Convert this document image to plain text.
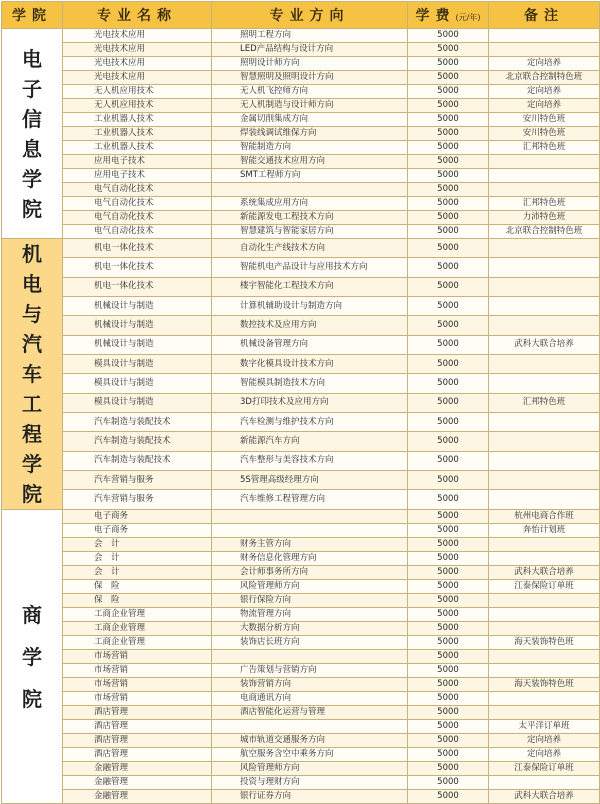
学院	专业名称	专业方向	学费(元/年)	备注
电子信息学院	光电技术应用	照明工程方向	5000	
	光电技术应用	LED产品结构与设计方向	5000	
	光电技术应用	照明设计师方向	5000	定向培养
	光电技术应用	智慧照明及照明设计方向	5000	北京联合控制特色班
	无人机应用技术	无人机飞控师方向	5000	定向培养
	无人机应用技术	无人机制造与设计师方向	5000	定向培养
	工业机器人技术	金属切削集成方向	5000	安川特色班
	工业机器人技术	焊装线调试维保方向	5000	安川特色班
	工业机器人技术	智能制造方向	5000	汇邦特色班
	应用电子技术	智能交通技术应用方向	5000	
	应用电子技术	SMT工程师方向	5000	
	电气自动化技术		5000	
	电气自动化技术	系统集成应用方向	5000	汇邦特色班
	电气自动化技术	新能源发电工程技术方向	5000	力沛特色班
	电气自动化技术	智慧建筑与智能家居方向	5000	北京联合控制特色班
机电与汽车工程学院	机电一体化技术	自动化生产线技术方向	5000	
	机电一体化技术	智能机电产品设计与应用技术方向	5000	
	机电一体化技术	楼宇智能化工程技术方向	5000	
	机械设计与制造	计算机辅助设计与制造方向	5000	
	机械设计与制造	数控技术及应用方向	5000	
	机械设计与制造	机械设备管理方向	5000	武科大联合培养
	模具设计与制造	数字化模具设计技术方向	5000	
	模具设计与制造	智能模具制造技术方向	5000	
	模具设计与制造	3D打印技术及应用方向	5000	汇邦特色班
	汽车制造与装配技术	汽车检测与维护技术方向	5000	
	汽车制造与装配技术	新能源汽车方向	5000	
	汽车制造与装配技术	汽车整形与美容技术方向	5000	
	汽车营销与服务	5S管理高级经理方向	5000	
	汽车营销与服务	汽车维修工程管理方向	5000	
商学院	电子商务		5000	杭州电商合作班
	电子商务		5000	奔怡计划班
	会　计	财务主管方向	5000	
	会　计	财务信息化管理方向	5000	
	会　计	会计师事务所方向	5000	武科大联合培养
	保　险	风险管理师方向	5000	江泰保险订单班
	保　险	银行保险方向	5000	
	工商企业管理	物流管理方向	5000	
	工商企业管理	大数据分析方向	5000	
	工商企业管理	装饰店长班方向	5000	海天装饰特色班
	市场营销		5000	
	市场营销	广告策划与营销方向	5000	
	市场营销	装饰营销方向	5000	海天装饰特色班
	市场营销	电商通讯方向	5000	
	酒店管理	酒店智能化运营与管理	5000	
	酒店管理		5000	太平洋订单班
	酒店管理	城市轨道交通服务方向	5000	定向培养
	酒店管理	航空服务含空中乘务方向	5000	定向培养
	金融管理	风险管理师方向	5000	江泰保险订单班
	金融管理	投资与理财方向	5000	
	金融管理	银行证券方向	5000	武科大联合培养
